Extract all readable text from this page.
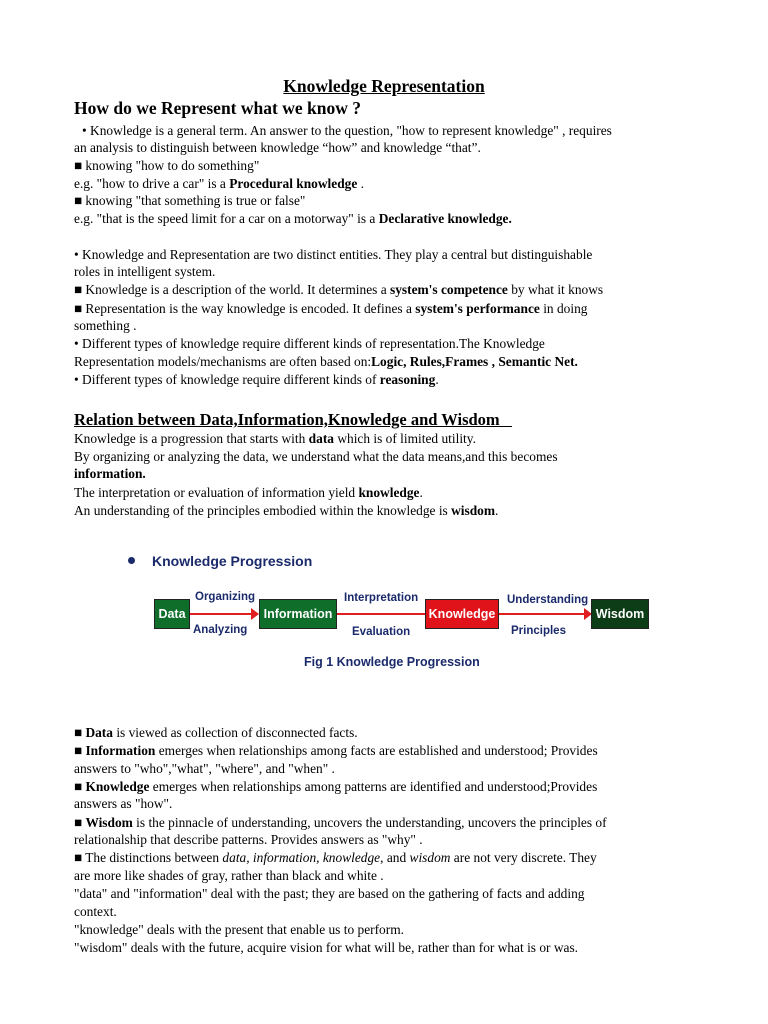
Knowledge Representation
How do we Represent what we know ?
• Knowledge is a general term. An answer to the question, "how to represent knowledge" , requires
an analysis to distinguish between knowledge “how” and knowledge “that”.
■ knowing "how to do something"
e.g. "how to drive a car" is a Procedural knowledge .
■ knowing "that something is true or false"
e.g. "that is the speed limit for a car on a motorway" is a Declarative knowledge.
• Knowledge and Representation are two distinct entities. They play a central but distinguishable
roles in intelligent system.
■ Knowledge is a description of the world. It determines a system's competence by what it knows
■ Representation is the way knowledge is encoded. It defines a system's performance in doing
something .
• Different types of knowledge require different kinds of representation.The Knowledge
Representation models/mechanisms are often based on:Logic, Rules,Frames , Semantic Net.
• Different types of knowledge require different kinds of reasoning.
Relation between Data,Information,Knowledge and Wisdom
Knowledge is a progression that starts with data which is of limited utility.
By organizing or analyzing the data, we understand what the data means,and this becomes
information.
The interpretation or evaluation of information yield knowledge.
An understanding of the principles embodied within the knowledge is wisdom.
Knowledge Progression
Data
Organizing
Analyzing
Information
Interpretation
Evaluation
Knowledge
Understanding
Principles
Wisdom
Fig 1 Knowledge Progression
■ Data is viewed as collection of disconnected facts.
■ Information emerges when relationships among facts are established and understood; Provides
answers to "who","what", "where", and "when" .
■ Knowledge emerges when relationships among patterns are identified and understood;Provides
answers as "how".
■ Wisdom is the pinnacle of understanding, uncovers the understanding, uncovers the principles of
relationalship that describe patterns. Provides answers as "why" .
■ The distinctions between data, information, knowledge, and wisdom are not very discrete. They
are more like shades of gray, rather than black and white .
"data" and "information" deal with the past; they are based on the gathering of facts and adding
context.
"knowledge" deals with the present that enable us to perform.
"wisdom" deals with the future, acquire vision for what will be, rather than for what is or was.
